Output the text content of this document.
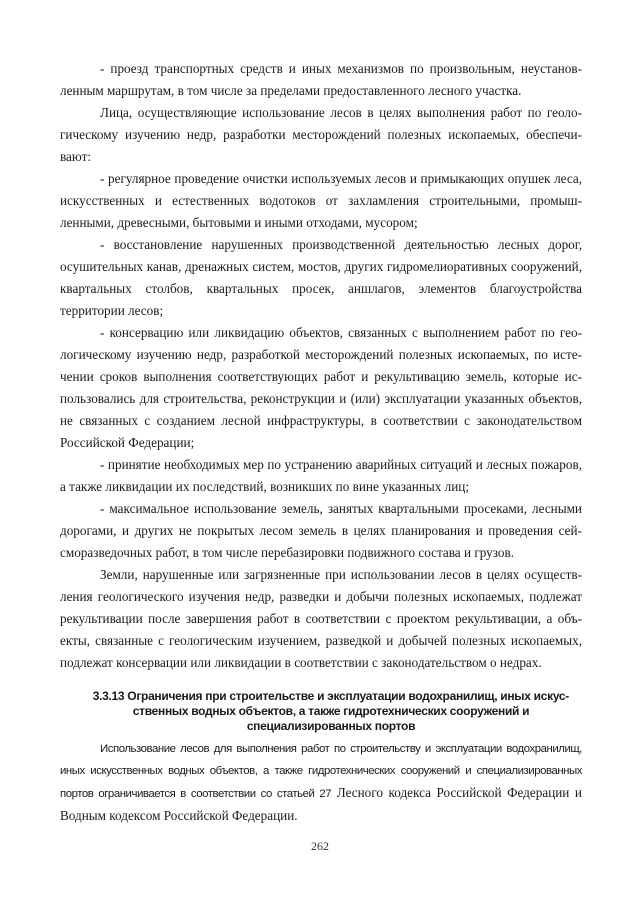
- проезд транспортных средств и иных механизмов по произвольным, неустановленным маршрутам, в том числе за пределами предоставленного лесного участка.

Лица, осуществляющие использование лесов в целях выполнения работ по геологическому изучению недр, разработки месторождений полезных ископаемых, обеспечивают:

- регулярное проведение очистки используемых лесов и примыкающих опушек леса, искусственных и естественных водотоков от захламления строительными, промышленными, древесными, бытовыми и иными отходами, мусором;

- восстановление нарушенных производственной деятельностью лесных дорог, осушительных канав, дренажных систем, мостов, других гидромелиоративных сооружений, квартальных столбов, квартальных просек, аншлагов, элементов благоустройства территории лесов;

- консервацию или ликвидацию объектов, связанных с выполнением работ по геологическому изучению недр, разработкой месторождений полезных ископаемых, по истечении сроков выполнения соответствующих работ и рекультивацию земель, которые использовались для строительства, реконструкции и (или) эксплуатации указанных объектов, не связанных с созданием лесной инфраструктуры, в соответствии с законодательством Российской Федерации;

- принятие необходимых мер по устранению аварийных ситуаций и лесных пожаров, а также ликвидации их последствий, возникших по вине указанных лиц;

- максимальное использование земель, занятых квартальными просеками, лесными дорогами, и других не покрытых лесом земель в целях планирования и проведения сейсморазведочных работ, в том числе перебазировки подвижного состава и грузов.

Земли, нарушенные или загрязненные при использовании лесов в целях осуществления геологического изучения недр, разведки и добычи полезных ископаемых, подлежат рекультивации после завершения работ в соответствии с проектом рекультивации, а объекты, связанные с геологическим изучением, разведкой и добычей полезных ископаемых, подлежат консервации или ликвидации в соответствии с законодательством о недрах.

3.3.13 Ограничения при строительстве и эксплуатации водохранилищ, иных искусственных водных объектов, а также гидротехнических сооружений и специализированных портов

Использование лесов для выполнения работ по строительству и эксплуатации водохранилищ, иных искусственных водных объектов, а также гидротехнических сооружений и специализированных портов ограничивается в соответствии со статьей 27 Лесного кодекса Российской Федерации и Водным кодексом Российской Федерации.

262
